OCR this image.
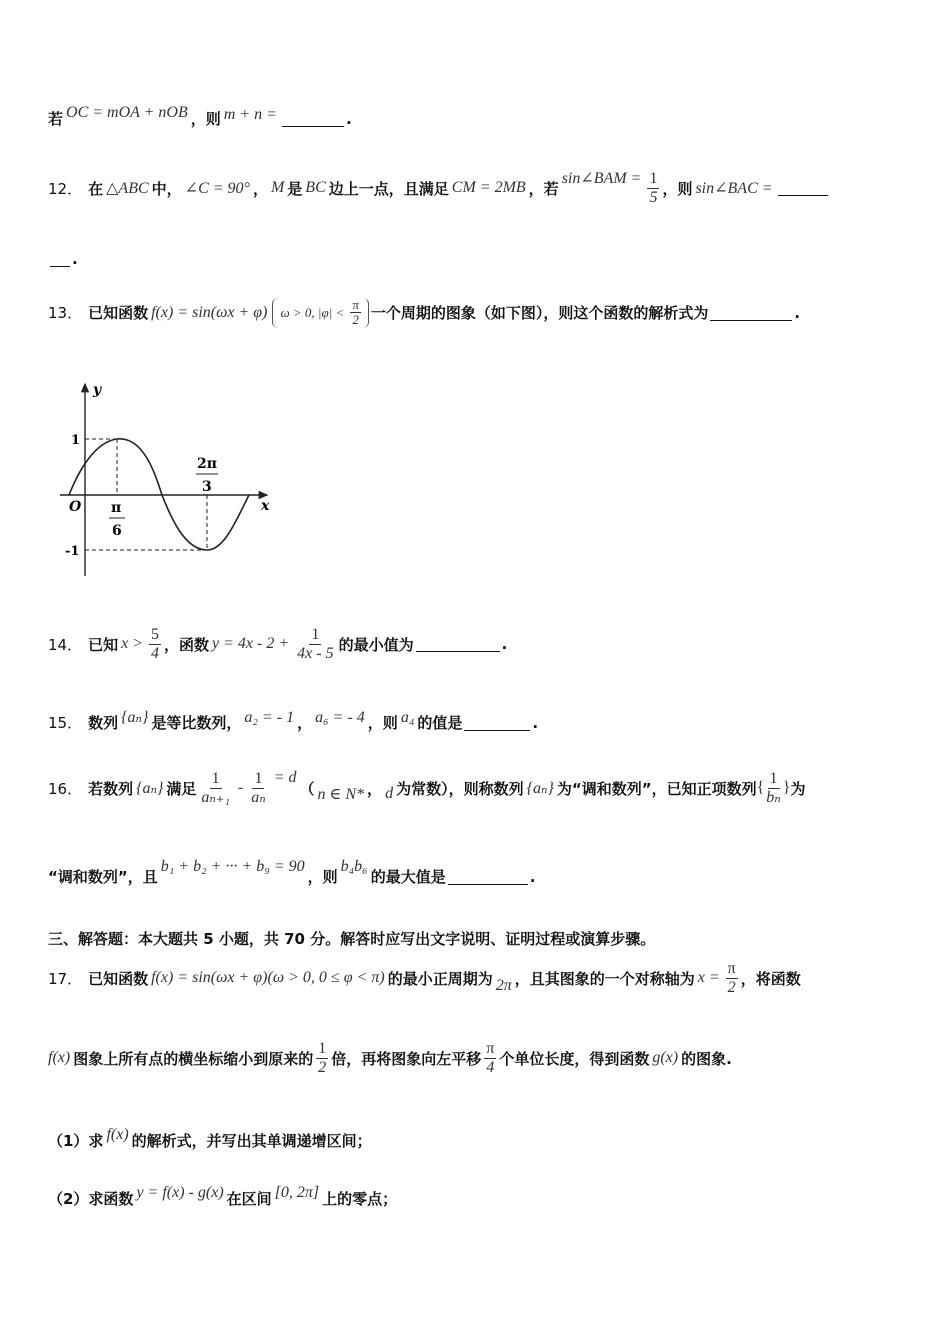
若 OC = mOA + nOB ，则 m + n =	.
12． 在 △ABC 中， ∠C = 90° ， M 是 BC 边上一点，且满足 CM = 2MB ，若
sin∠BAM = $\frac{1}{5}$ ，则 sin∠BAC =
.
13． 已知函数 f(x) = sin(ωx + φ) ω > 0, $|\varphi| < \frac{\pi}{2}$ 一个周期的图象（如下图），则这个函数的解析式为	.
y
x
O
1
-1
π
6
2π
3
14． 已知 $x > \frac{5}{4}$ ，函数 $y = 4x - 2 + \frac{1}{4x - 5}$ 的最小值为	.
15． 数列 {aₙ} 是等比数列， a₂ = - 1 ， a₆ = - 4 ，则 a₄ 的值是	.
16． 若数列 {aₙ} 满足 $\frac{1}{\text{aₙ₊₁}} - \frac{1}{\text{aₙ}} = d$
（ n ∈ N* ， d 为常数），则称数列 {aₙ} 为“调和数列”，已知正项数列 { $\frac{1}{\text{bₙ}}$ } 为
“调和数列”，且
b₁ + b₂ + ··· + b₉ = 90
，则
b₄b₆
的最大值是	.
三、解答题：本大题共 5 小题，共 70 分。解答时应写出文字说明、证明过程或演算步骤。
17． 已知函数 f(x) = sin(ωx + φ)(ω > 0, 0 ≤ φ < π) 的最小正周期为 2π ，且其图象的一个对称轴为 $x = \frac{\pi}{2}$ ，将函数
f(x) 图象上所有点的横坐标缩小到原来的 $\frac{1}{2}$ 倍，再将图象向左平移 $\frac{\pi}{4}$ 个单位长度，得到函数 g(x) 的图象.
（1）求 f(x) 的解析式，并写出其单调递增区间；
（2）求函数 y = f(x) - g(x) 在区间 [0, 2π] 上的零点；
